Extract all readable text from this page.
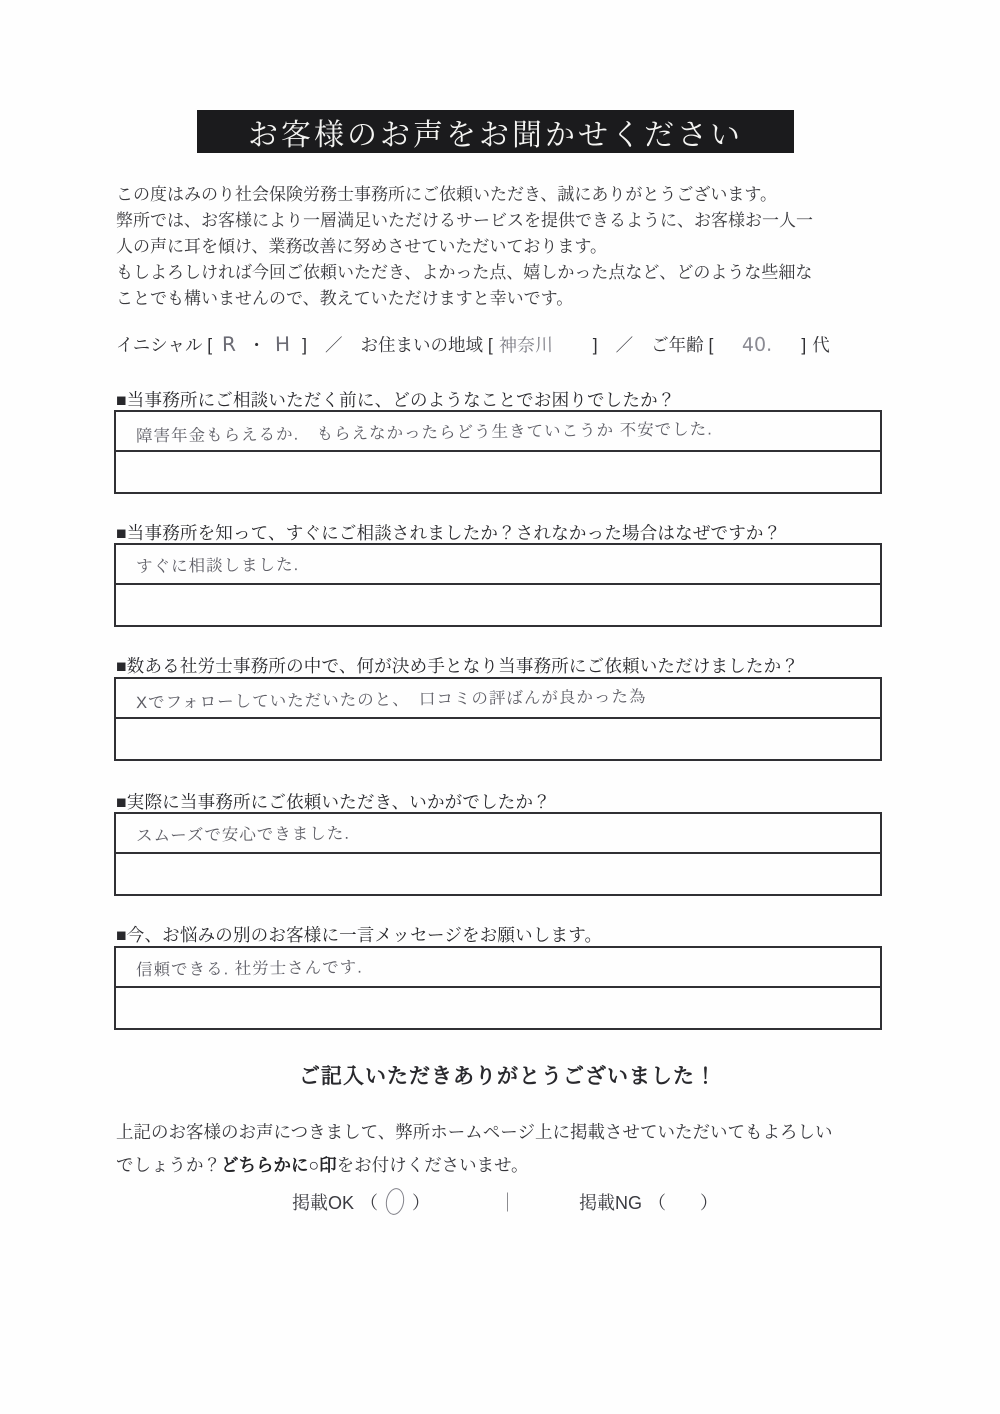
お客様のお声をお聞かせください
この度はみのり社会保険労務士事務所にご依頼いただき、誠にありがとうございます。
弊所では、お客様により一層満足いただけるサービスを提供できるように、お客様お一人一
人の声に耳を傾け、業務改善に努めさせていただいております。
もしよろしければ今回ご依頼いただき、よかった点、嬉しかった点など、どのような些細な
ことでも構いませんので、教えていただけますと幸いです。
イニシャル [ R ・ H ] ／ お住まいの地域 [ 神奈川	] ／ ご年齢 [	40.	] 代
■当事務所にご相談いただく前に、どのようなことでお困りでしたか？
障害年金もらえるか.　もらえなかったらどう生きていこうか 不安でした.
■当事務所を知って、すぐにご相談されましたか？されなかった場合はなぜですか？
すぐに相談しました.
■数ある社労士事務所の中で、何が決め手となり当事務所にご依頼いただけましたか？
Xでフォローしていただいたのと、　口コミの評ばんが良かった為
■実際に当事務所にご依頼いただき、いかがでしたか？
スムーズで安心できました.
■今、お悩みの別のお客様に一言メッセージをお願いします。
信頼できる. 社労士さんです.
ご記入いただきありがとうございました！
上記のお客様のお声につきまして、弊所ホームページ上に掲載させていただいてもよろしい
でしょうか？どちらかに○印をお付けくださいませ。
掲載OK （ ）	｜	掲載NG （ ）
